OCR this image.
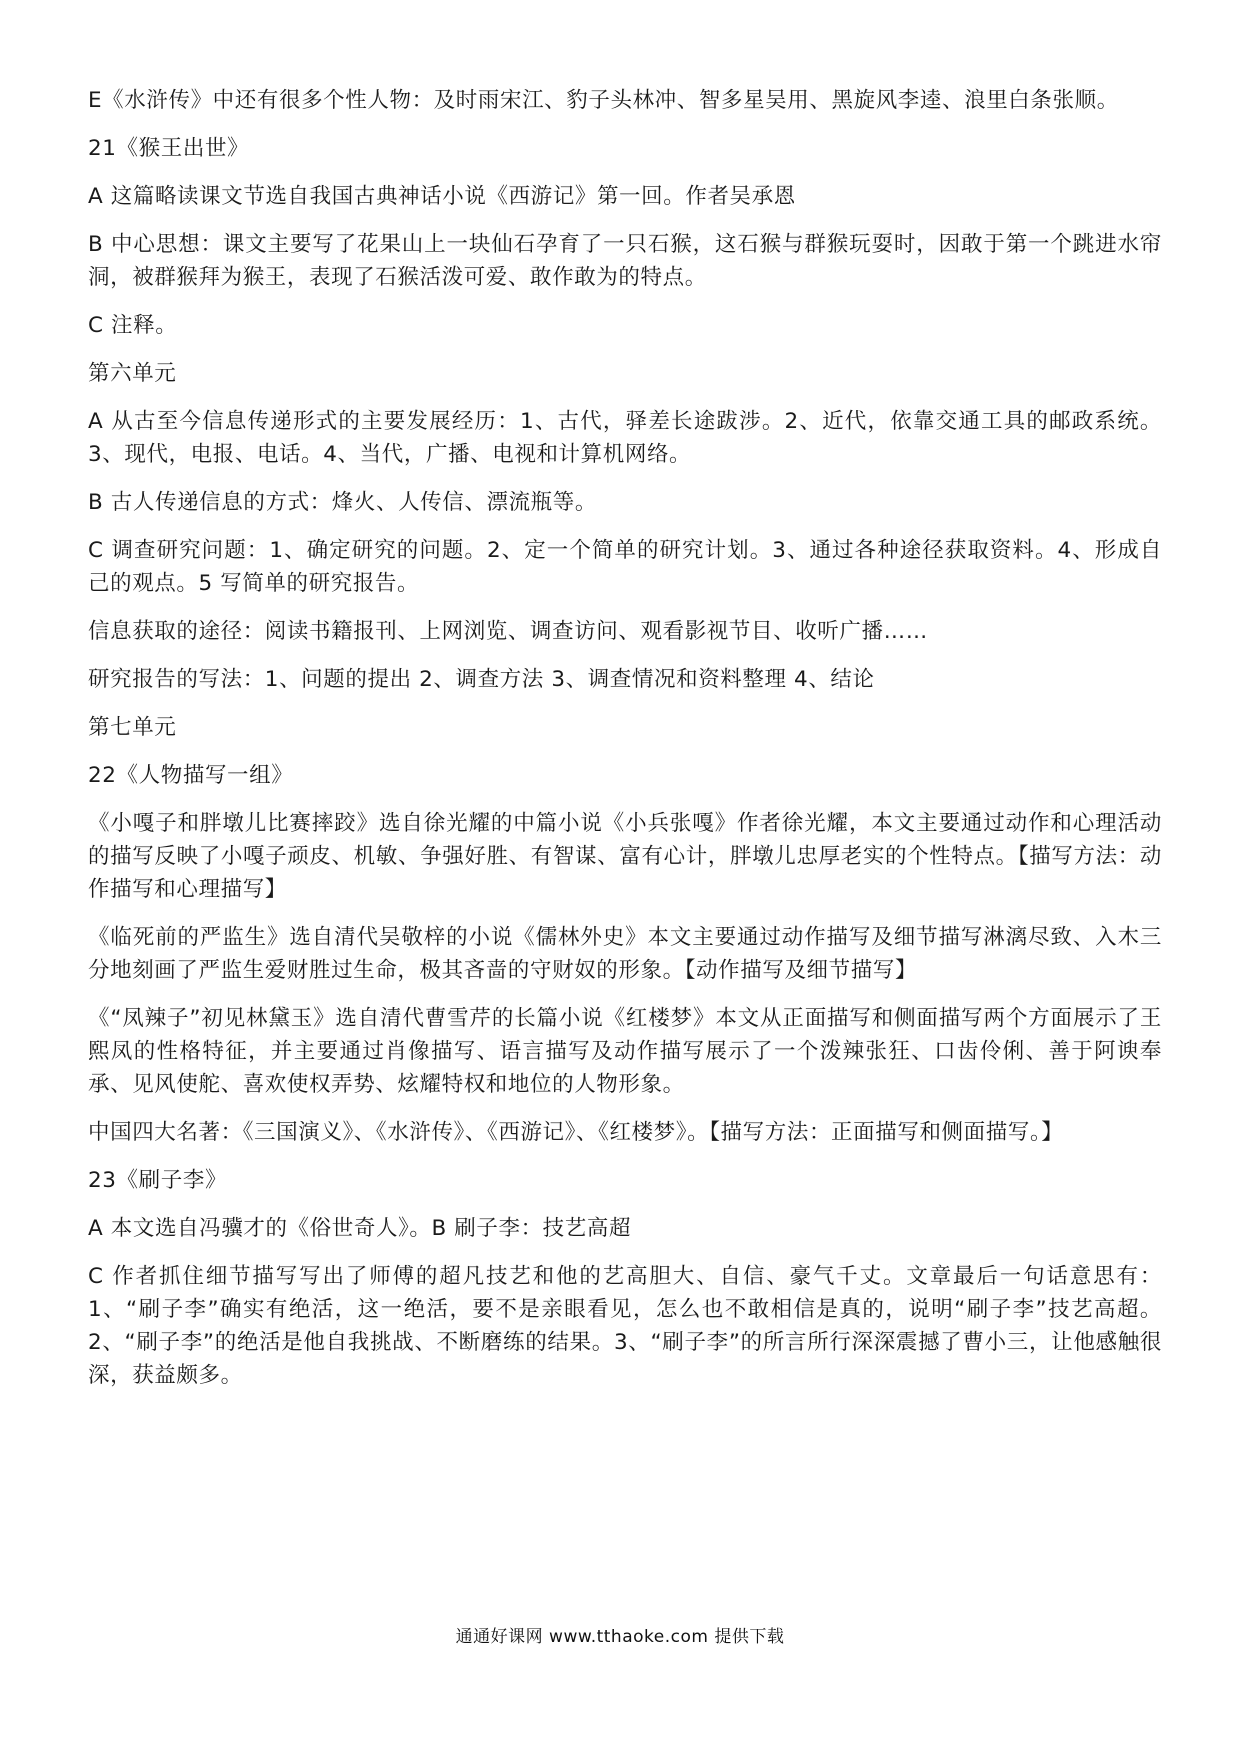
E《水浒传》中还有很多个性人物：及时雨宋江、豹子头林冲、智多星吴用、黑旋风李逵、浪里白条张顺。

21《猴王出世》

A 这篇略读课文节选自我国古典神话小说《西游记》第一回。作者吴承恩

B 中心思想：课文主要写了花果山上一块仙石孕育了一只石猴，这石猴与群猴玩耍时，因敢于第一个跳进水帘洞，被群猴拜为猴王，表现了石猴活泼可爱、敢作敢为的特点。

C 注释。

第六单元

A 从古至今信息传递形式的主要发展经历：1、古代，驿差长途跋涉。2、近代，依靠交通工具的邮政系统。3、现代，电报、电话。4、当代，广播、电视和计算机网络。

B 古人传递信息的方式：烽火、人传信、漂流瓶等。

C 调查研究问题：1、确定研究的问题。2、定一个简单的研究计划。3、通过各种途径获取资料。4、形成自己的观点。5 写简单的研究报告。

信息获取的途径：阅读书籍报刊、上网浏览、调查访问、观看影视节目、收听广播……

研究报告的写法：1、问题的提出 2、调查方法 3、调查情况和资料整理 4、结论

第七单元

22《人物描写一组》

《小嘎子和胖墩儿比赛摔跤》选自徐光耀的中篇小说《小兵张嘎》作者徐光耀，本文主要通过动作和心理活动的描写反映了小嘎子顽皮、机敏、争强好胜、有智谋、富有心计，胖墩儿忠厚老实的个性特点。【描写方法：动作描写和心理描写】

《临死前的严监生》选自清代吴敬梓的小说《儒林外史》本文主要通过动作描写及细节描写淋漓尽致、入木三分地刻画了严监生爱财胜过生命，极其吝啬的守财奴的形象。【动作描写及细节描写】

《“凤辣子”初见林黛玉》选自清代曹雪芹的长篇小说《红楼梦》本文从正面描写和侧面描写两个方面展示了王熙凤的性格特征，并主要通过肖像描写、语言描写及动作描写展示了一个泼辣张狂、口齿伶俐、善于阿谀奉承、见风使舵、喜欢使权弄势、炫耀特权和地位的人物形象。

中国四大名著：《三国演义》、《水浒传》、《西游记》、《红楼梦》。【描写方法：正面描写和侧面描写。】

23《刷子李》

A 本文选自冯骥才的《俗世奇人》。B 刷子李：技艺高超

C 作者抓住细节描写写出了师傅的超凡技艺和他的艺高胆大、自信、豪气千丈。文章最后一句话意思有：1、“刷子李”确实有绝活，这一绝活，要不是亲眼看见，怎么也不敢相信是真的，说明“刷子李”技艺高超。2、“刷子李”的绝活是他自我挑战、不断磨练的结果。3、“刷子李”的所言所行深深震撼了曹小三，让他感触很深，获益颇多。

通通好课网 www.tthaoke.com 提供下载
